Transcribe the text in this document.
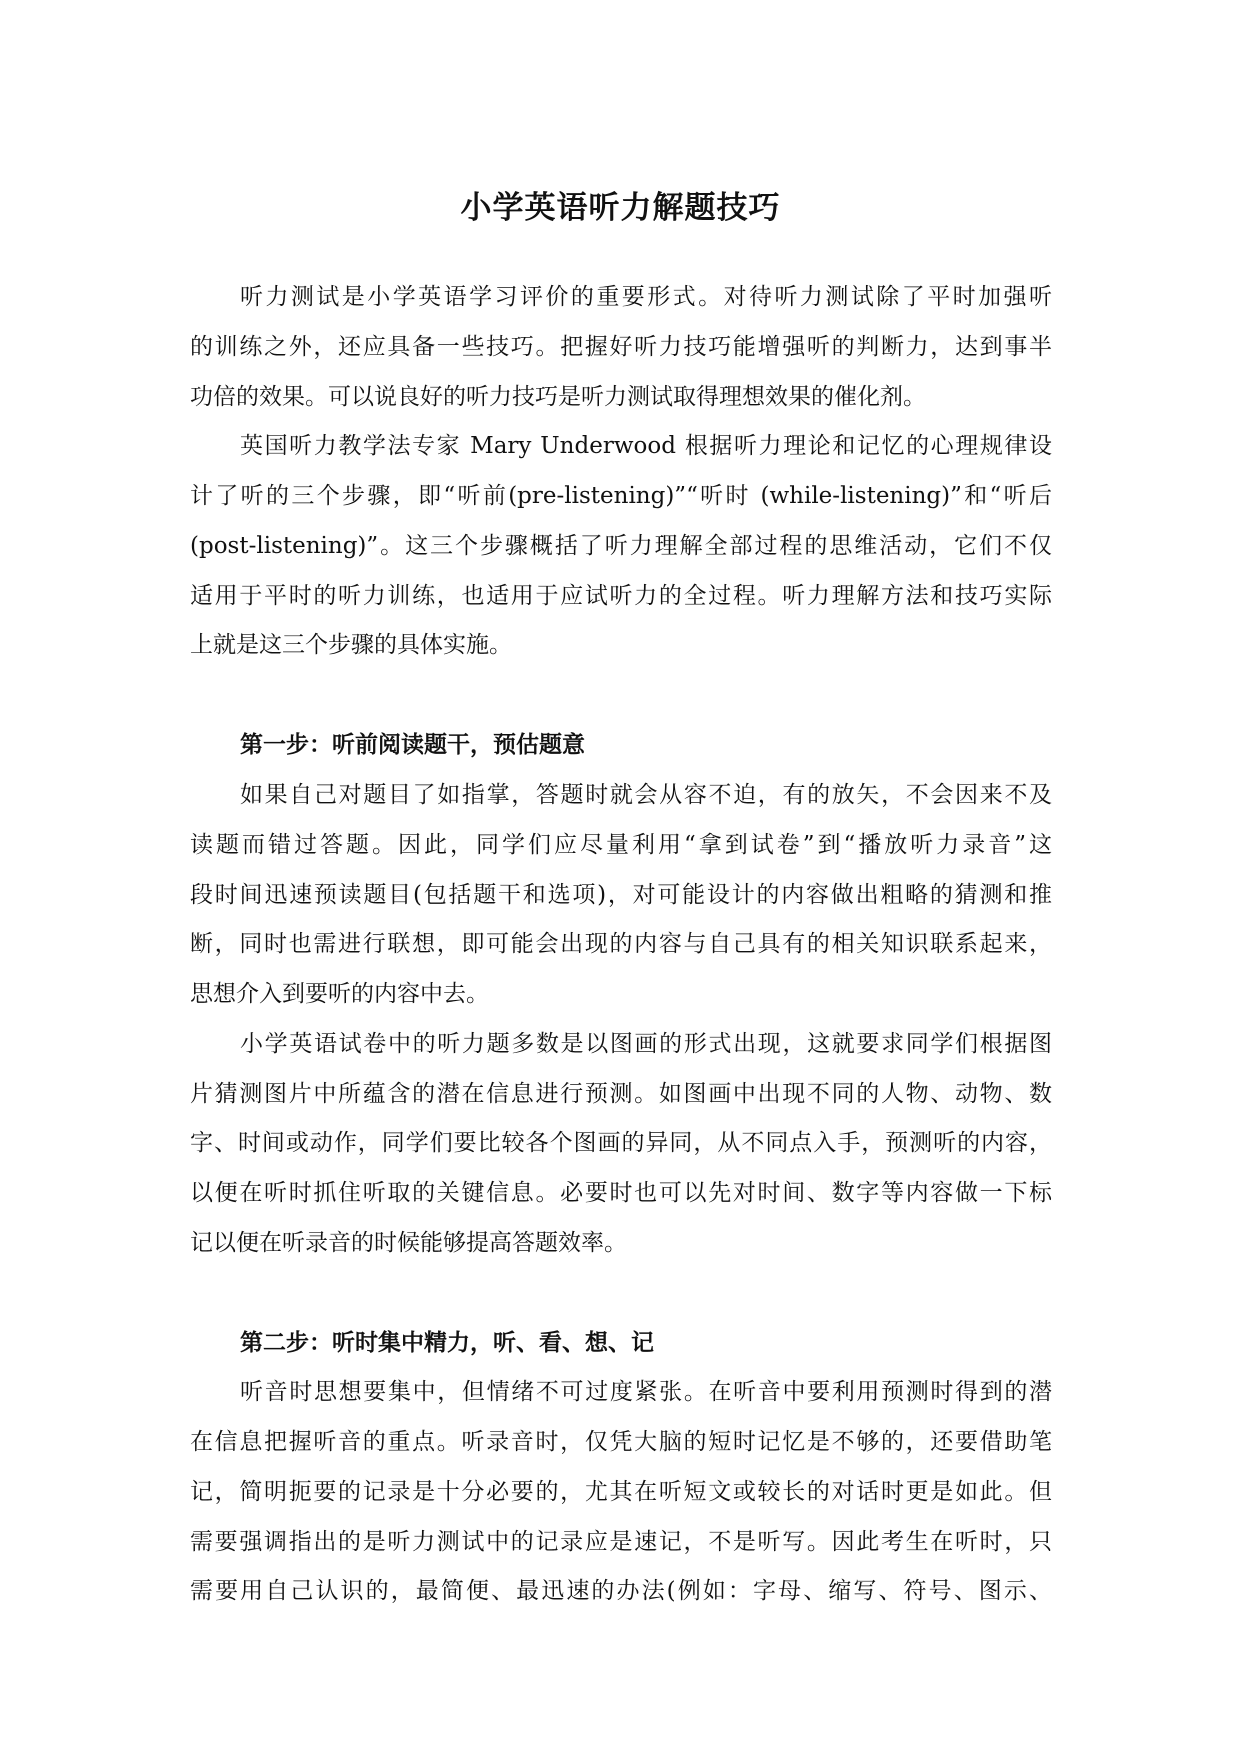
小学英语听力解题技巧

听力测试是小学英语学习评价的重要形式。对待听力测试除了平时加强听

的训练之外，还应具备一些技巧。把握好听力技巧能增强听的判断力，达到事半

功倍的效果。可以说良好的听力技巧是听力测试取得理想效果的催化剂。

英国听力教学法专家 Mary Underwood 根据听力理论和记忆的心理规律设

计了听的三个步骤，即“听前(pre-listening)”“听时 (while-listening)”和“听后

(post-listening)”。这三个步骤概括了听力理解全部过程的思维活动，它们不仅

适用于平时的听力训练，也适用于应试听力的全过程。听力理解方法和技巧实际

上就是这三个步骤的具体实施。

第一步：听前阅读题干，预估题意

如果自己对题目了如指掌，答题时就会从容不迫，有的放矢，不会因来不及

读题而错过答题。因此，同学们应尽量利用“拿到试卷”到“播放听力录音”这

段时间迅速预读题目(包括题干和选项)，对可能设计的内容做出粗略的猜测和推

断，同时也需进行联想，即可能会出现的内容与自己具有的相关知识联系起来，

思想介入到要听的内容中去。

小学英语试卷中的听力题多数是以图画的形式出现，这就要求同学们根据图

片猜测图片中所蕴含的潜在信息进行预测。如图画中出现不同的人物、动物、数

字、时间或动作，同学们要比较各个图画的异同，从不同点入手，预测听的内容，

以便在听时抓住听取的关键信息。必要时也可以先对时间、数字等内容做一下标

记以便在听录音的时候能够提高答题效率。

第二步：听时集中精力，听、看、想、记

听音时思想要集中，但情绪不可过度紧张。在听音中要利用预测时得到的潜

在信息把握听音的重点。听录音时，仅凭大脑的短时记忆是不够的，还要借助笔

记，简明扼要的记录是十分必要的，尤其在听短文或较长的对话时更是如此。但

需要强调指出的是听力测试中的记录应是速记，不是听写。因此考生在听时，只

需要用自己认识的，最简便、最迅速的办法(例如：字母、缩写、符号、图示、
